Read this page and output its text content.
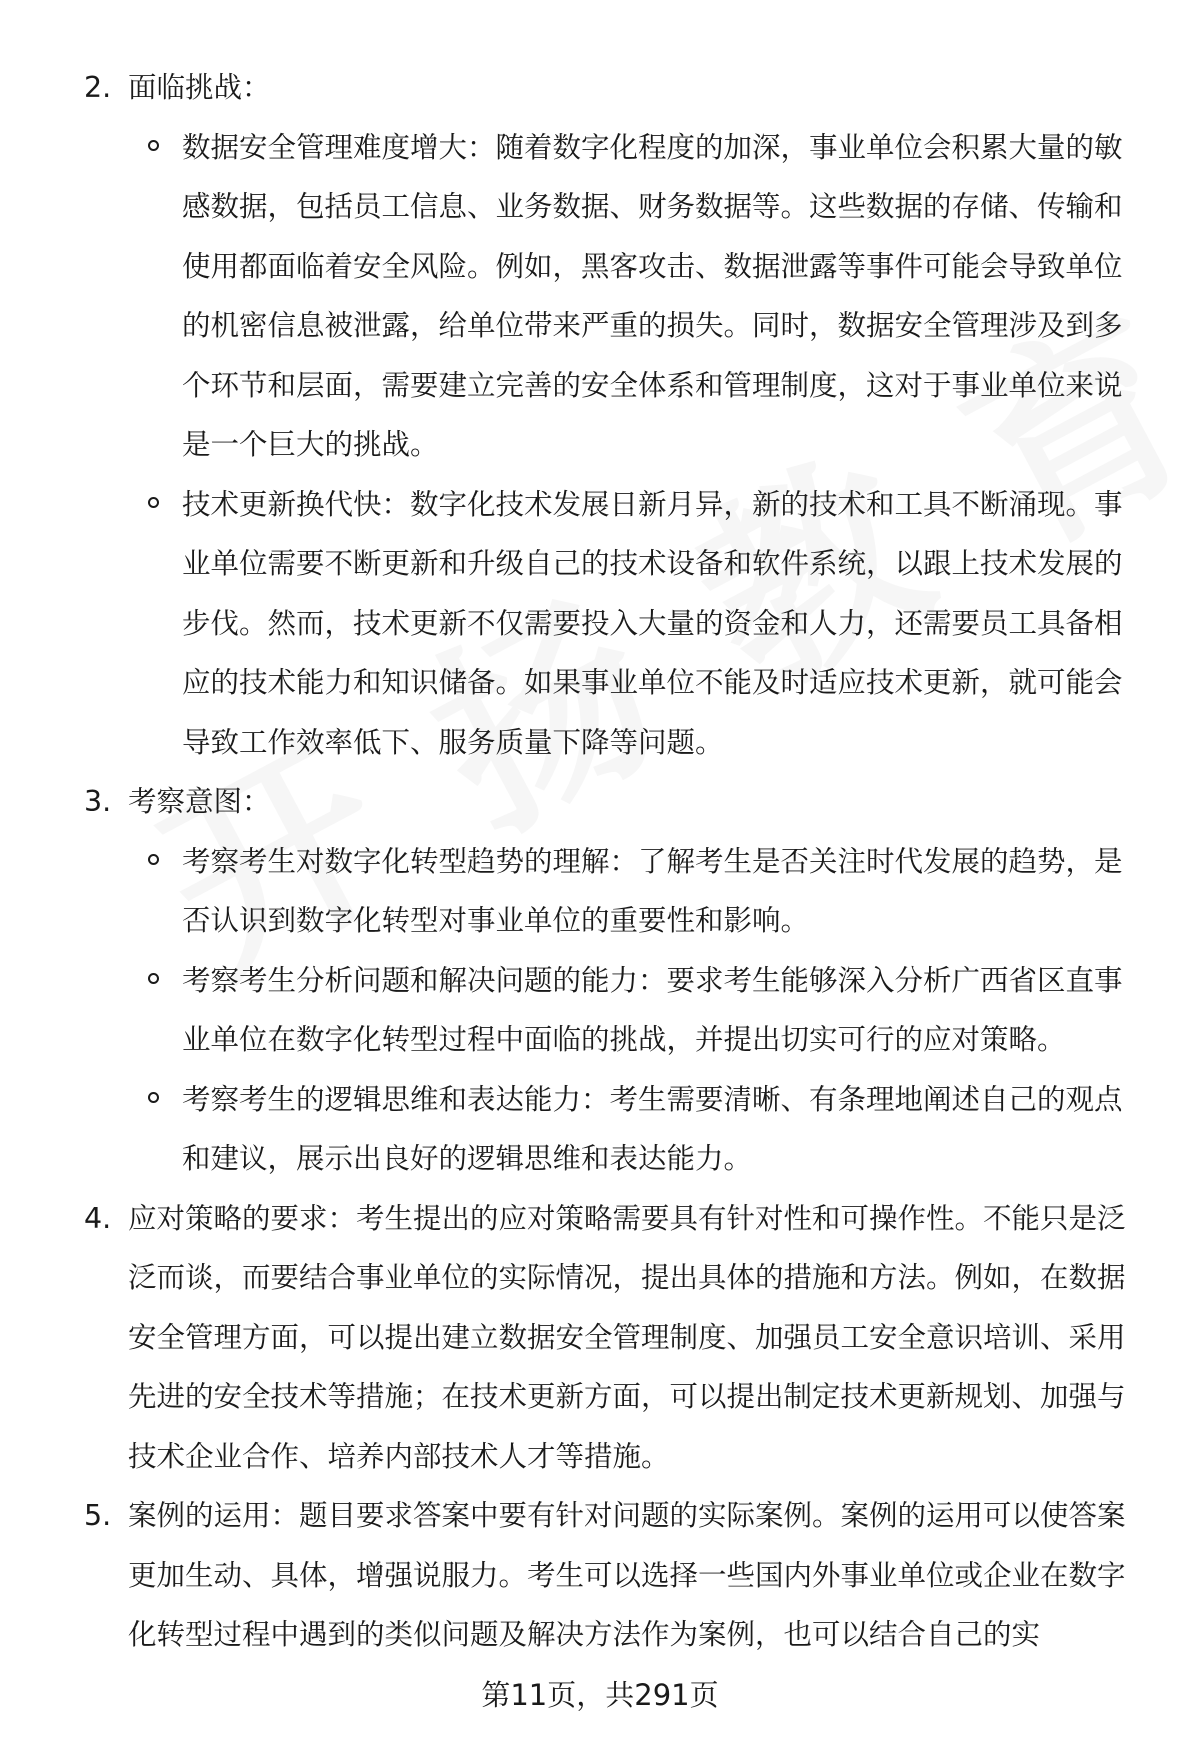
2. 面临挑战：
数据安全管理难度增大：随着数字化程度的加深，事业单位会积累大量的敏感数据，包括员工信息、业务数据、财务数据等。这些数据的存储、传输和使用都面临着安全风险。例如，黑客攻击、数据泄露等事件可能会导致单位的机密信息被泄露，给单位带来严重的损失。同时，数据安全管理涉及到多个环节和层面，需要建立完善的安全体系和管理制度，这对于事业单位来说是一个巨大的挑战。
技术更新换代快：数字化技术发展日新月异，新的技术和工具不断涌现。事业单位需要不断更新和升级自己的技术设备和软件系统，以跟上技术发展的步伐。然而，技术更新不仅需要投入大量的资金和人力，还需要员工具备相应的技术能力和知识储备。如果事业单位不能及时适应技术更新，就可能会导致工作效率低下、服务质量下降等问题。
3. 考察意图：
考察考生对数字化转型趋势的理解：了解考生是否关注时代发展的趋势，是否认识到数字化转型对事业单位的重要性和影响。
考察考生分析问题和解决问题的能力：要求考生能够深入分析广西省区直事业单位在数字化转型过程中面临的挑战，并提出切实可行的应对策略。
考察考生的逻辑思维和表达能力：考生需要清晰、有条理地阐述自己的观点和建议，展示出良好的逻辑思维和表达能力。
4. 应对策略的要求：考生提出的应对策略需要具有针对性和可操作性。不能只是泛泛而谈，而要结合事业单位的实际情况，提出具体的措施和方法。例如，在数据安全管理方面，可以提出建立数据安全管理制度、加强员工安全意识培训、采用先进的安全技术等措施；在技术更新方面，可以提出制定技术更新规划、加强与技术企业合作、培养内部技术人才等措施。
5. 案例的运用：题目要求答案中要有针对问题的实际案例。案例的运用可以使答案更加生动、具体，增强说服力。考生可以选择一些国内外事业单位或企业在数字化转型过程中遇到的类似问题及解决方法作为案例，也可以结合自己的实
第11页，共291页
